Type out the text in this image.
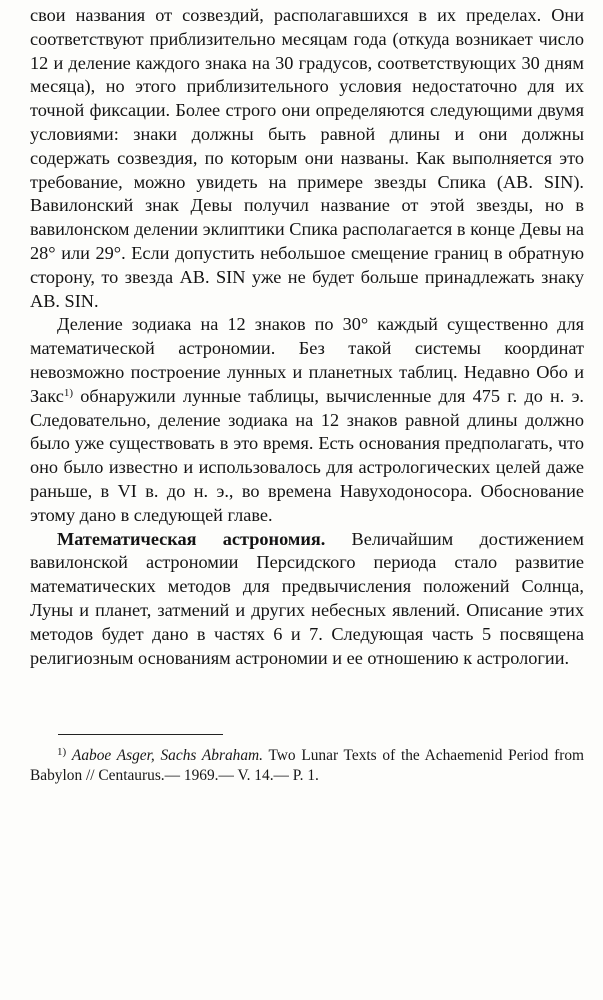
свои названия от созвездий, располагавшихся в их пределах. Они соответствуют приблизительно месяцам года (откуда возникает число 12 и деление каждого знака на 30 градусов, соответствующих 30 дням месяца), но этого приблизительного условия недостаточно для их точной фиксации. Более строго они определяются следующими двумя условиями: знаки должны быть равной длины и они должны содержать созвездия, по которым они названы. Как выполняется это требование, можно увидеть на примере звезды Спика (AB. SIN). Вавилонский знак Девы получил название от этой звезды, но в вавилонском делении эклиптики Спика располагается в конце Девы на 28° или 29°. Если допустить небольшое смещение границ в обратную сторону, то звезда AB. SIN уже не будет больше принадлежать знаку AB. SIN.

Деление зодиака на 12 знаков по 30° каждый существенно для математической астрономии. Без такой системы координат невозможно построение лунных и планетных таблиц. Недавно Обо и Закс$^{1)}$ обнаружили лунные таблицы, вычисленные для 475 г. до н. э. Следовательно, деление зодиака на 12 знаков равной длины должно было уже существовать в это время. Есть основания предполагать, что оно было известно и использовалось для астрологических целей даже раньше, в VI в. до н. э., во времена Навуходоносора. Обоснование этому дано в следующей главе.

Математическая астрономия. Величайшим достижением вавилонской астрономии Персидского периода стало развитие математических методов для предвычисления положений Солнца, Луны и планет, затмений и других небесных явлений. Описание этих методов будет дано в частях 6 и 7. Следующая часть 5 посвящена религиозным основаниям астрономии и ее отношению к астрологии.

$^{1)}$ Aaboe Asger, Sachs Abraham. Two Lunar Texts of the Achaemenid Period from Babylon // Centaurus.— 1969.— V. 14.— P. 1.
